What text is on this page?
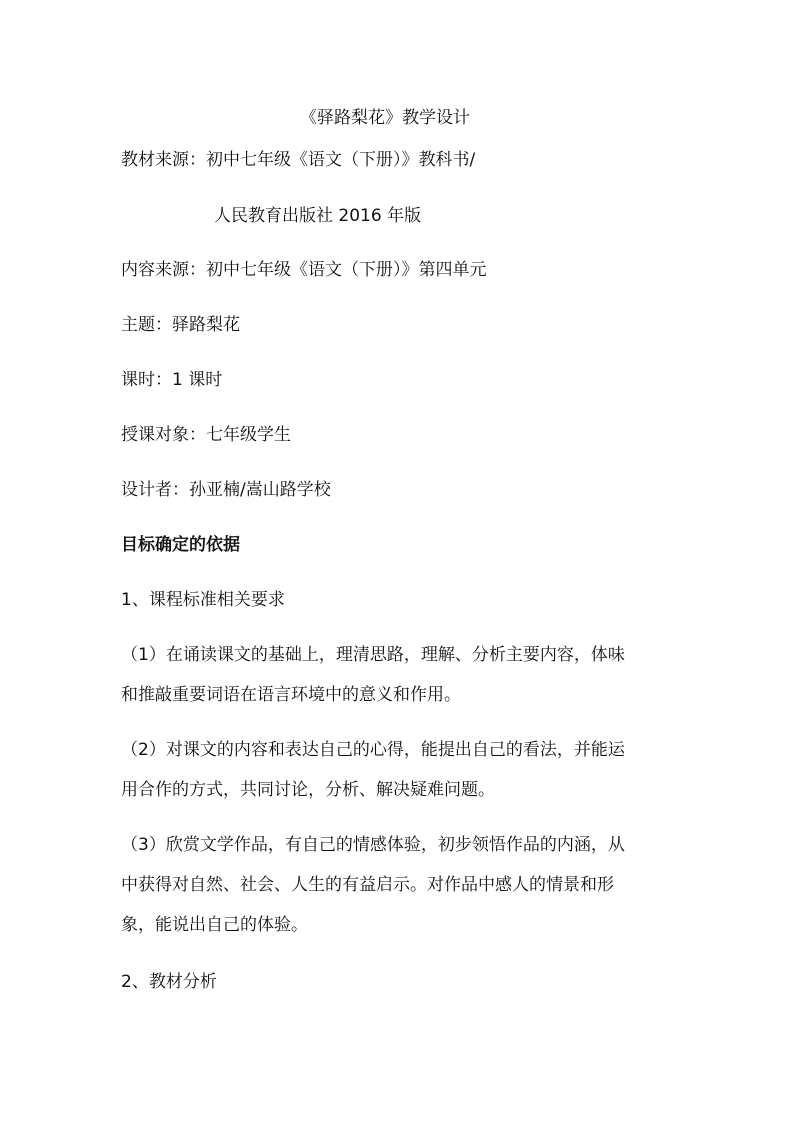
《驿路梨花》教学设计
教材来源：初中七年级《语文（下册）》教科书/
人民教育出版社 2016 年版
内容来源：初中七年级《语文（下册）》第四单元
主题：驿路梨花
课时：1 课时
授课对象：七年级学生
设计者：孙亚楠/嵩山路学校
目标确定的依据
1、课程标准相关要求
（1）在诵读课文的基础上，理清思路，理解、分析主要内容，体味
和推敲重要词语在语言环境中的意义和作用。
（2）对课文的内容和表达自己的心得，能提出自己的看法，并能运
用合作的方式，共同讨论，分析、解决疑难问题。
（3）欣赏文学作品，有自己的情感体验，初步领悟作品的内涵，从
中获得对自然、社会、人生的有益启示。对作品中感人的情景和形
象，能说出自己的体验。
2、教材分析
